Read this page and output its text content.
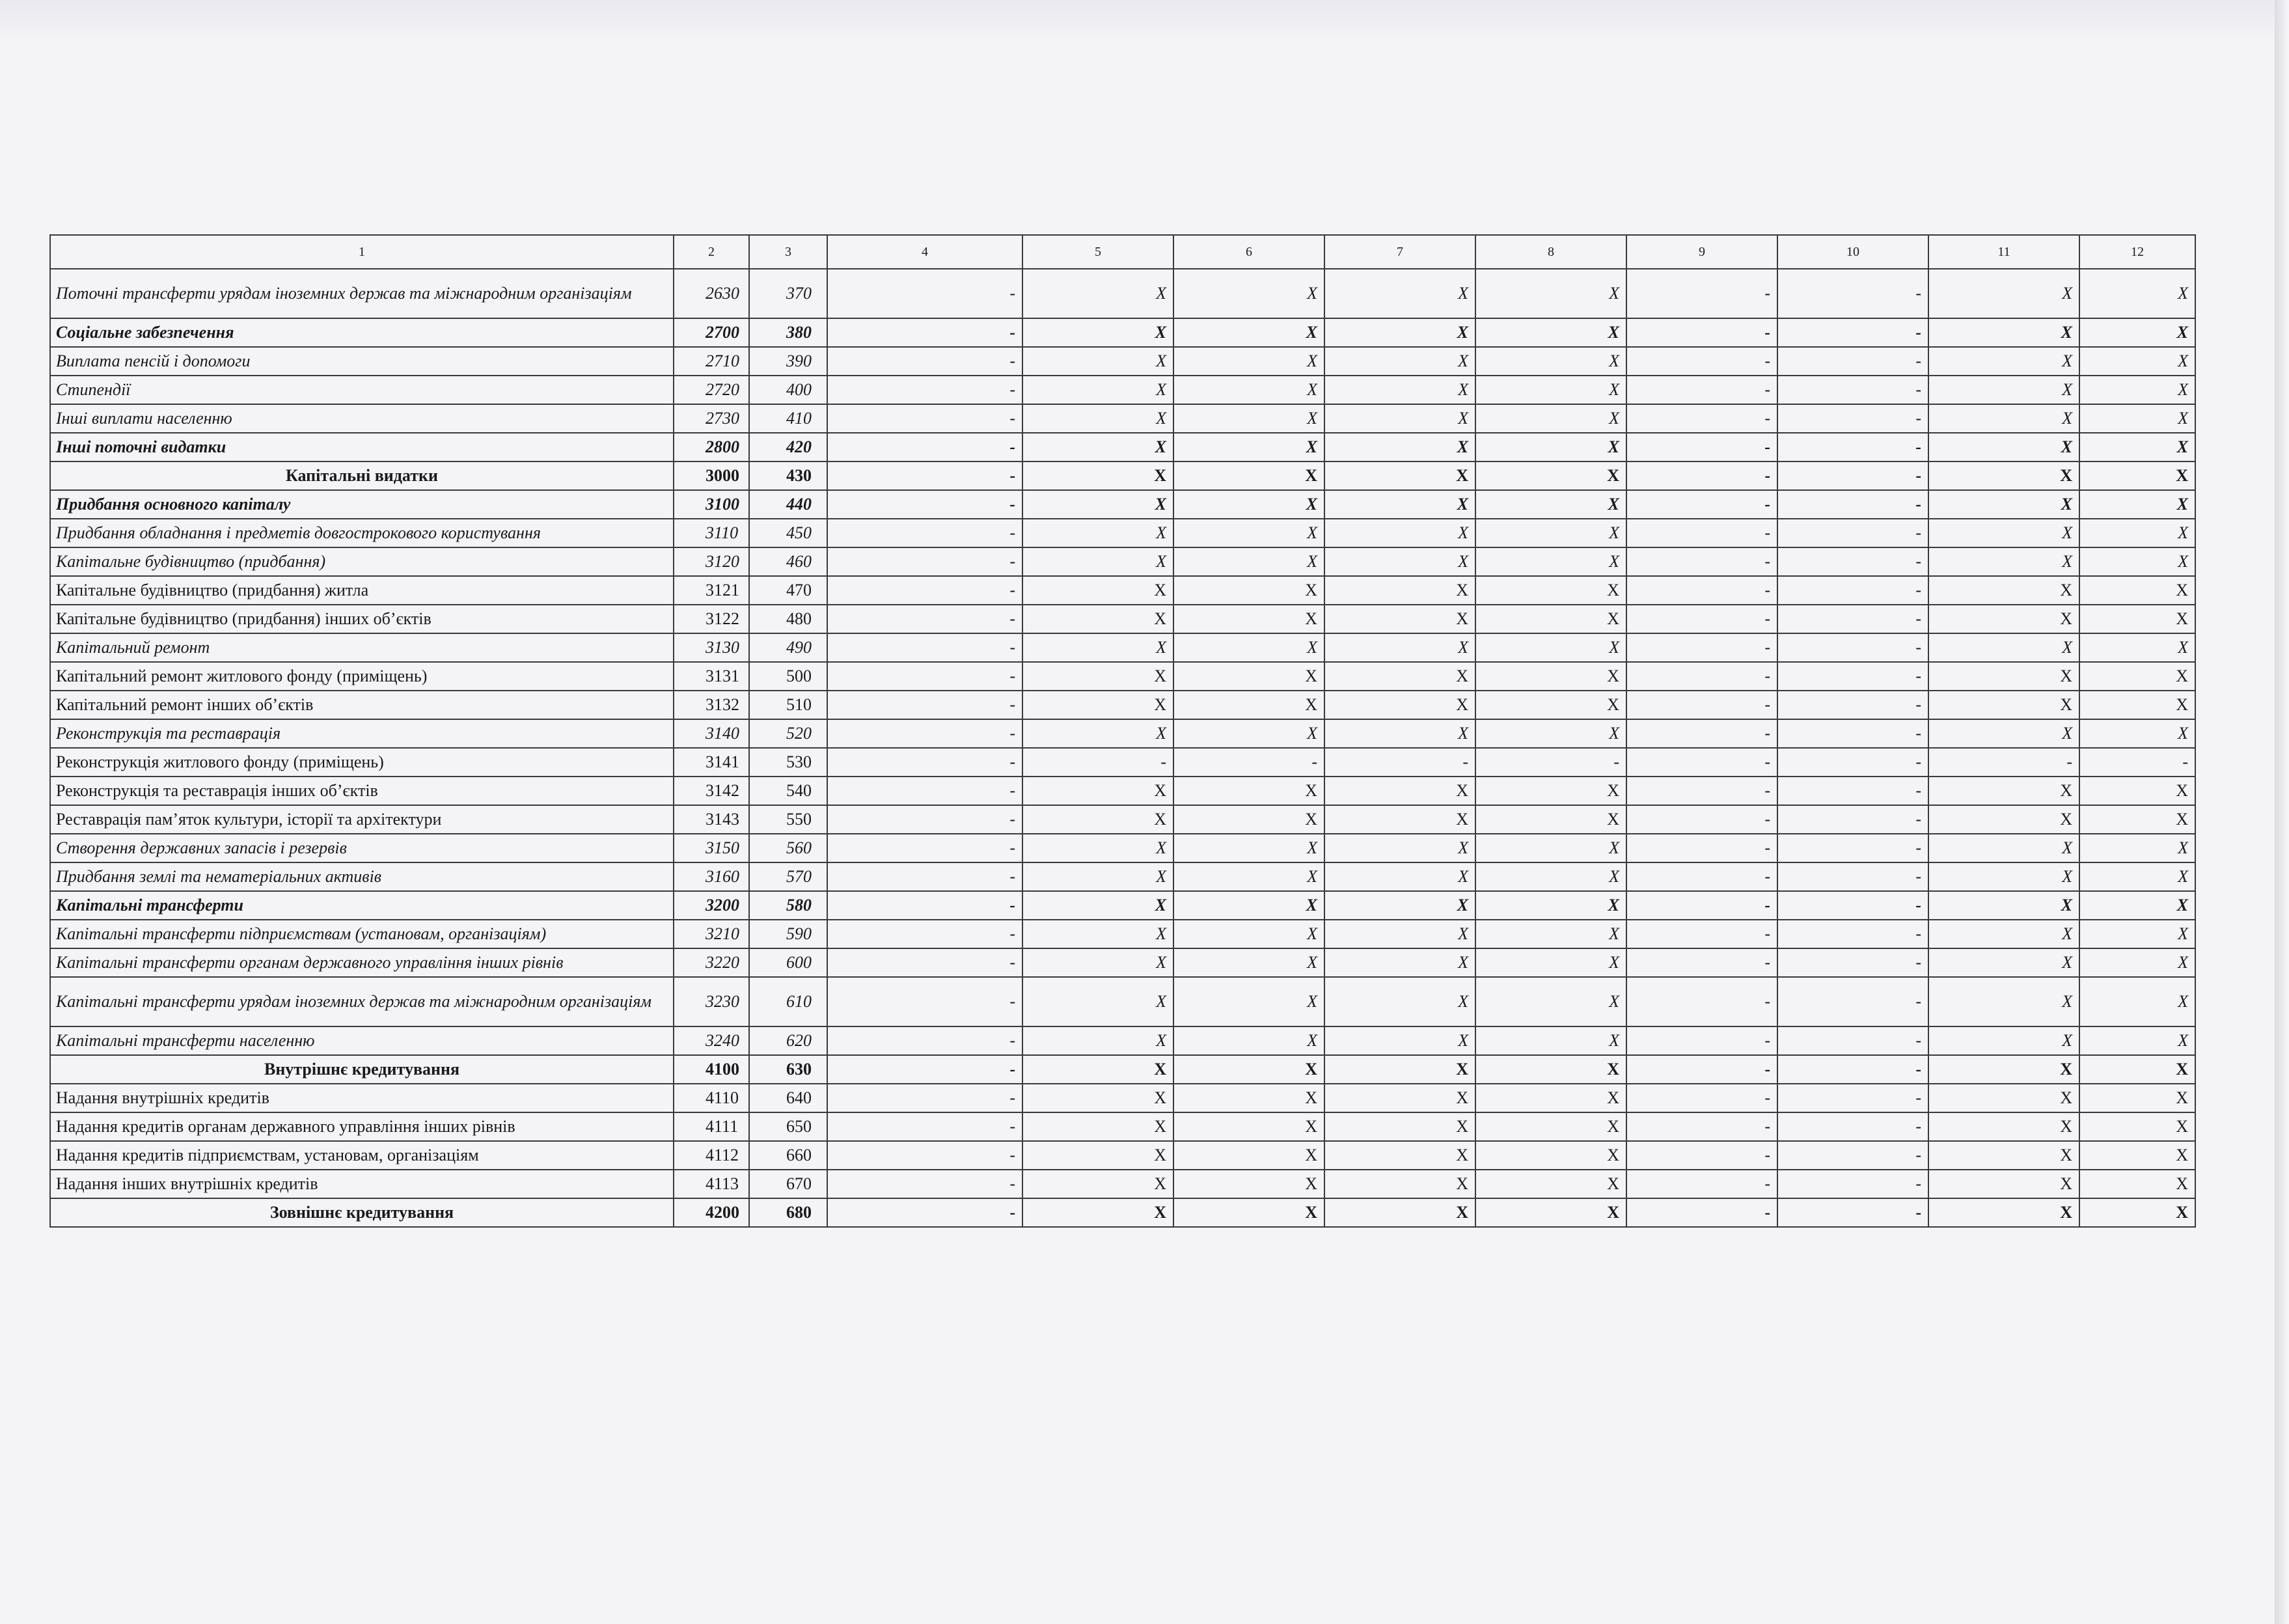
1	2	3	4	5	6	7	8	9	10	11	12
Поточні трансферти урядам іноземних держав та міжнародним організаціям	2630	370	-	X	X	X	X	-	-	X	X
Соціальне забезпечення	2700	380	-	X	X	X	X	-	-	X	X
Виплата пенсій і допомоги	2710	390	-	X	X	X	X	-	-	X	X
Стипендії	2720	400	-	X	X	X	X	-	-	X	X
Інші виплати населенню	2730	410	-	X	X	X	X	-	-	X	X
Інші поточні видатки	2800	420	-	X	X	X	X	-	-	X	X
Капітальні видатки	3000	430	-	X	X	X	X	-	-	X	X
Придбання основного капіталу	3100	440	-	X	X	X	X	-	-	X	X
Придбання обладнання і предметів довгострокового користування	3110	450	-	X	X	X	X	-	-	X	X
Капітальне будівництво (придбання)	3120	460	-	X	X	X	X	-	-	X	X
Капітальне будівництво (придбання) житла	3121	470	-	X	X	X	X	-	-	X	X
Капітальне будівництво (придбання) інших об’єктів	3122	480	-	X	X	X	X	-	-	X	X
Капітальний ремонт	3130	490	-	X	X	X	X	-	-	X	X
Капітальний ремонт житлового фонду (приміщень)	3131	500	-	X	X	X	X	-	-	X	X
Капітальний ремонт інших об’єктів	3132	510	-	X	X	X	X	-	-	X	X
Реконструкція та реставрація	3140	520	-	X	X	X	X	-	-	X	X
Реконструкція житлового фонду (приміщень)	3141	530	-	-	-	-	-	-	-	-	-
Реконструкція та реставрація інших об’єктів	3142	540	-	X	X	X	X	-	-	X	X
Реставрація пам’яток культури, історії та архітектури	3143	550	-	X	X	X	X	-	-	X	X
Створення державних запасів і резервів	3150	560	-	X	X	X	X	-	-	X	X
Придбання землі та нематеріальних активів	3160	570	-	X	X	X	X	-	-	X	X
Капітальні трансферти	3200	580	-	X	X	X	X	-	-	X	X
Капітальні трансферти підприємствам (установам, організаціям)	3210	590	-	X	X	X	X	-	-	X	X
Капітальні трансферти органам державного управління інших рівнів	3220	600	-	X	X	X	X	-	-	X	X
Капітальні трансферти урядам іноземних держав та міжнародним організаціям	3230	610	-	X	X	X	X	-	-	X	X
Капітальні трансферти населенню	3240	620	-	X	X	X	X	-	-	X	X
Внутрішнє кредитування	4100	630	-	X	X	X	X	-	-	X	X
Надання внутрішніх кредитів	4110	640	-	X	X	X	X	-	-	X	X
Надання кредитів органам державного управління інших рівнів	4111	650	-	X	X	X	X	-	-	X	X
Надання кредитів підприємствам, установам, організаціям	4112	660	-	X	X	X	X	-	-	X	X
Надання інших внутрішніх кредитів	4113	670	-	X	X	X	X	-	-	X	X
Зовнішнє кредитування	4200	680	-	X	X	X	X	-	-	X	X
